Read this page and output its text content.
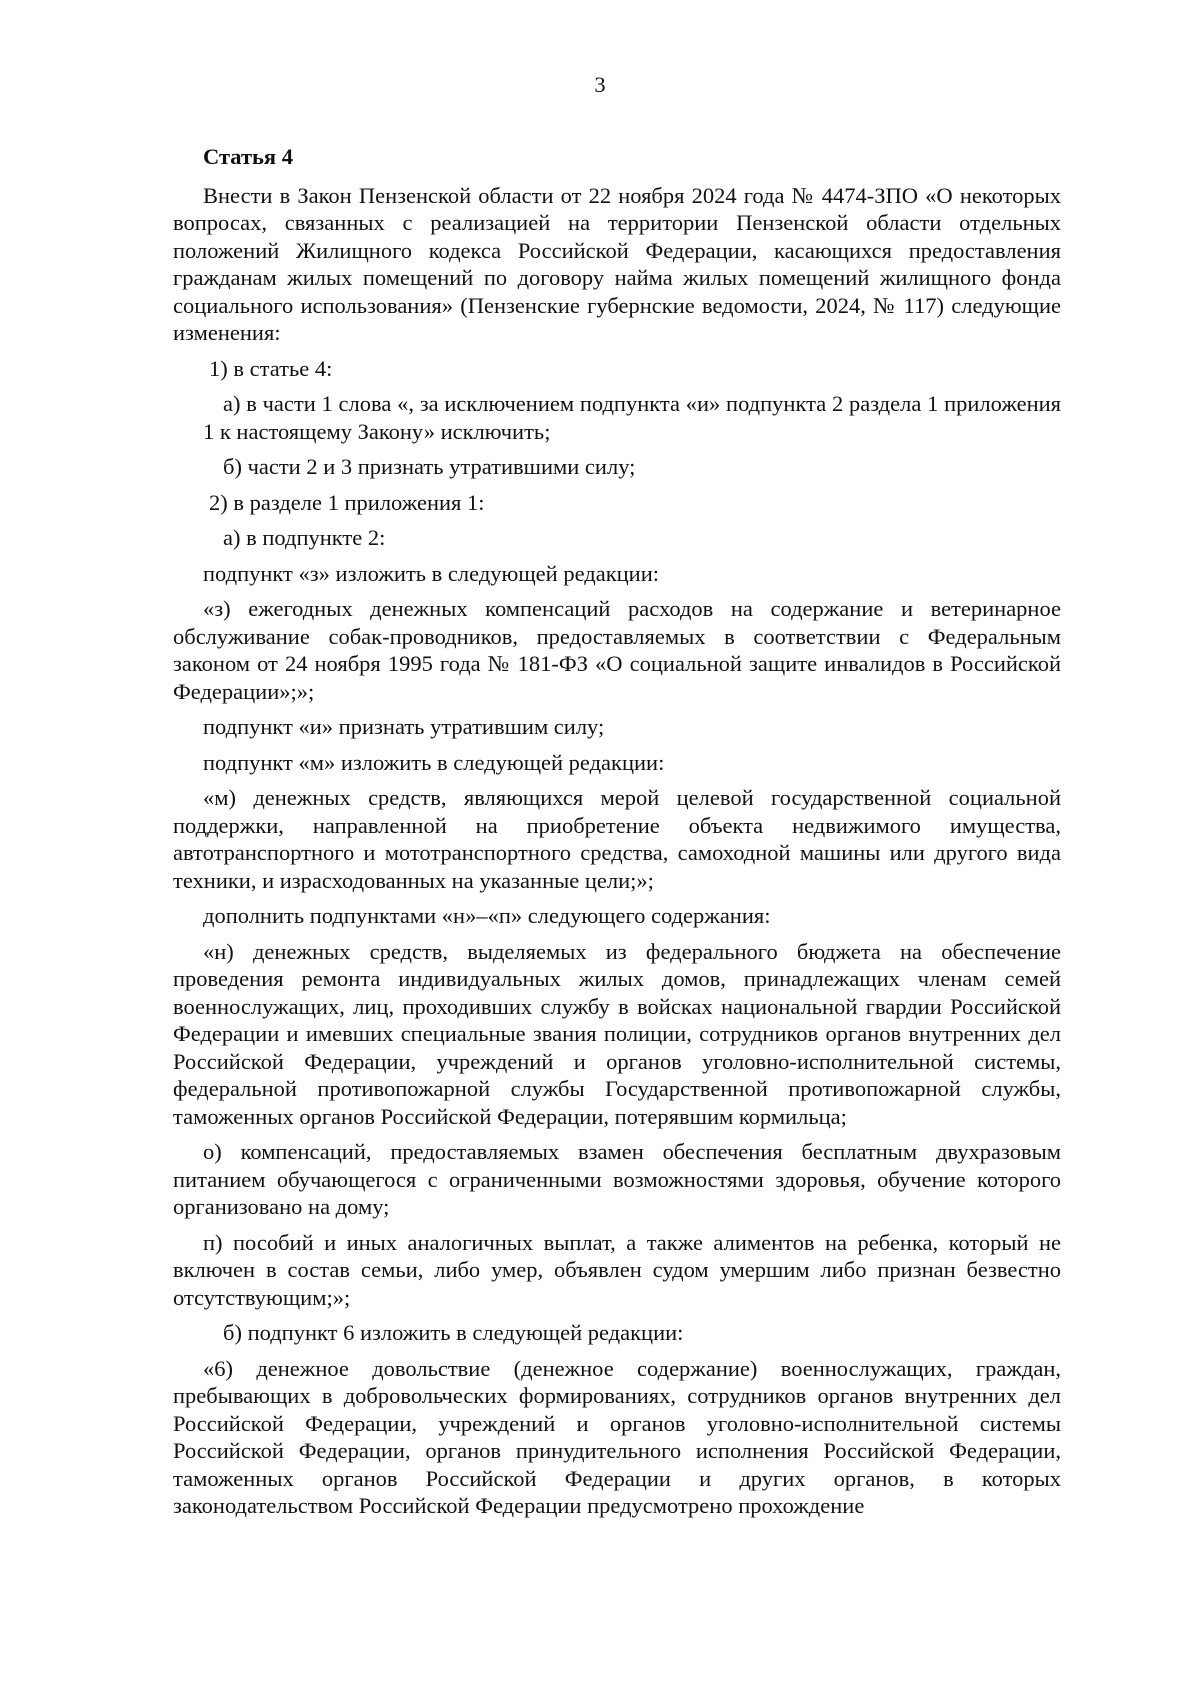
3

Статья 4

Внести в Закон Пензенской области от 22 ноября 2024 года № 4474-ЗПО «О некоторых вопросах, связанных с реализацией на территории Пензенской области отдельных положений Жилищного кодекса Российской Федерации, касающихся предоставления гражданам жилых помещений по договору найма жилых помещений жилищного фонда социального использования» (Пензенские губернские ведомости, 2024, № 117) следующие изменения:

1) в статье 4:

а) в части 1 слова «, за исключением подпункта «и» подпункта 2 раздела 1 приложения 1 к настоящему Закону» исключить;

б) части 2 и 3 признать утратившими силу;

2) в разделе 1 приложения 1:

а) в подпункте 2:

подпункт «з» изложить в следующей редакции:

«з) ежегодных денежных компенсаций расходов на содержание и ветеринарное обслуживание собак-проводников, предоставляемых в соответствии с Федеральным законом от 24 ноября 1995 года № 181-ФЗ «О социальной защите инвалидов в Российской Федерации»;»;

подпункт «и» признать утратившим силу;

подпункт «м» изложить в следующей редакции:

«м) денежных средств, являющихся мерой целевой государственной социальной поддержки, направленной на приобретение объекта недвижимого имущества, автотранспортного и мототранспортного средства, самоходной машины или другого вида техники, и израсходованных на указанные цели;»;

дополнить подпунктами «н»–«п» следующего содержания:

«н) денежных средств, выделяемых из федерального бюджета на обеспечение проведения ремонта индивидуальных жилых домов, принадлежащих членам семей военнослужащих, лиц, проходивших службу в войсках национальной гвардии Российской Федерации и имевших специальные звания полиции, сотрудников органов внутренних дел Российской Федерации, учреждений и органов уголовно-исполнительной системы, федеральной противопожарной службы Государственной противопожарной службы, таможенных органов Российской Федерации, потерявшим кормильца;

о) компенсаций, предоставляемых взамен обеспечения бесплатным двухразовым питанием обучающегося с ограниченными возможностями здоровья, обучение которого организовано на дому;

п) пособий и иных аналогичных выплат, а также алиментов на ребенка, который не включен в состав семьи, либо умер, объявлен судом умершим либо признан безвестно отсутствующим;»;

б) подпункт 6 изложить в следующей редакции:

«6) денежное довольствие (денежное содержание) военнослужащих, граждан, пребывающих в добровольческих формированиях, сотрудников органов внутренних дел Российской Федерации, учреждений и органов уголовно-исполнительной системы Российской Федерации, органов принудительного исполнения Российской Федерации, таможенных органов Российской Федерации и других органов, в которых законодательством Российской Федерации предусмотрено прохождение
